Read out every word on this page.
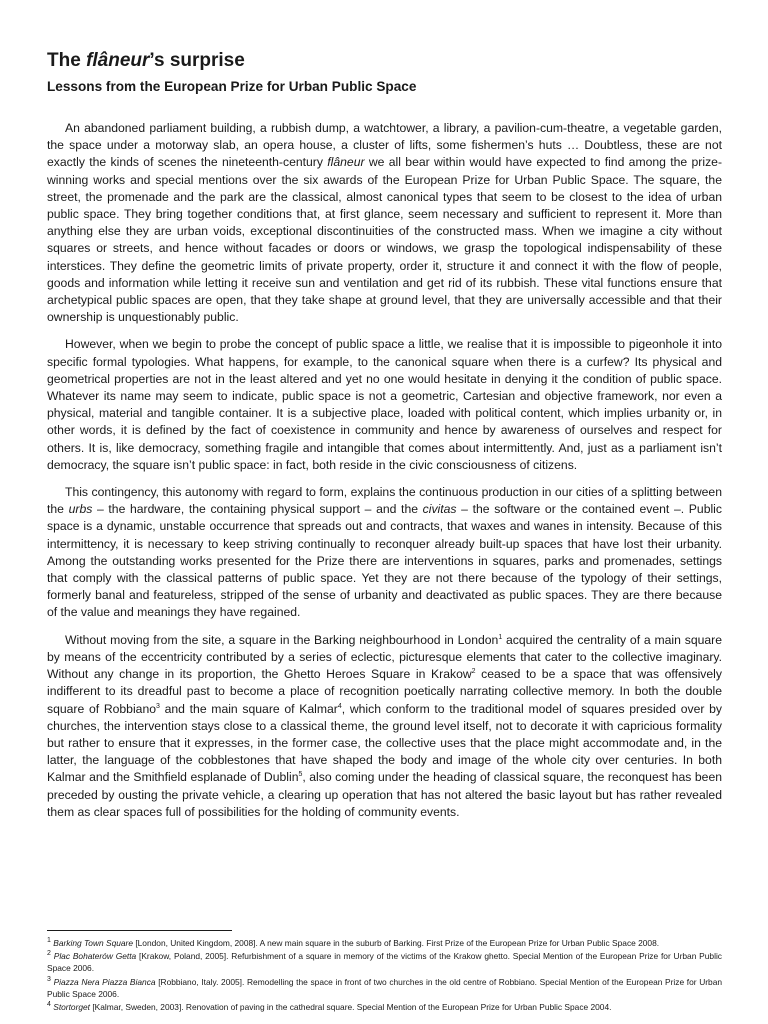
The flâneur’s surprise
Lessons from the European Prize for Urban Public Space

An abandoned parliament building, a rubbish dump, a watchtower, a library, a pavilion-cum-theatre, a vegetable garden, the space under a motorway slab, an opera house, a cluster of lifts, some fishermen’s huts … Doubtless, these are not exactly the kinds of scenes the nineteenth-century flâneur we all bear within would have expected to find among the prize-winning works and special mentions over the six awards of the European Prize for Urban Public Space. The square, the street, the promenade and the park are the classical, almost canonical types that seem to be closest to the idea of urban public space. They bring together conditions that, at first glance, seem necessary and sufficient to represent it. More than anything else they are urban voids, exceptional discontinuities of the constructed mass. When we imagine a city without squares or streets, and hence without facades or doors or windows, we grasp the topological indispensability of these interstices. They define the geometric limits of private property, order it, structure it and connect it with the flow of people, goods and information while letting it receive sun and ventilation and get rid of its rubbish. These vital functions ensure that archetypical public spaces are open, that they take shape at ground level, that they are universally accessible and that their ownership is unquestionably public.

However, when we begin to probe the concept of public space a little, we realise that it is impossible to pigeonhole it into specific formal typologies. What happens, for example, to the canonical square when there is a curfew? Its physical and geometrical properties are not in the least altered and yet no one would hesitate in denying it the condition of public space. Whatever its name may seem to indicate, public space is not a geometric, Cartesian and objective framework, nor even a physical, material and tangible container. It is a subjective place, loaded with political content, which implies urbanity or, in other words, it is defined by the fact of coexistence in community and hence by awareness of ourselves and respect for others. It is, like democracy, something fragile and intangible that comes about intermittently. And, just as a parliament isn’t democracy, the square isn’t public space: in fact, both reside in the civic consciousness of citizens.

This contingency, this autonomy with regard to form, explains the continuous production in our cities of a splitting between the urbs – the hardware, the containing physical support – and the civitas – the software or the contained event –. Public space is a dynamic, unstable occurrence that spreads out and contracts, that waxes and wanes in intensity. Because of this intermittency, it is necessary to keep striving continually to reconquer already built-up spaces that have lost their urbanity. Among the outstanding works presented for the Prize there are interventions in squares, parks and promenades, settings that comply with the classical patterns of public space. Yet they are not there because of the typology of their settings, formerly banal and featureless, stripped of the sense of urbanity and deactivated as public spaces. They are there because of the value and meanings they have regained.

Without moving from the site, a square in the Barking neighbourhood in London$^1$ acquired the centrality of a main square by means of the eccentricity contributed by a series of eclectic, picturesque elements that cater to the collective imaginary. Without any change in its proportion, the Ghetto Heroes Square in Krakow$^2$ ceased to be a space that was offensively indifferent to its dreadful past to become a place of recognition poetically narrating collective memory. In both the double square of Robbiano$^3$ and the main square of Kalmar$^4$, which conform to the traditional model of squares presided over by churches, the intervention stays close to a classical theme, the ground level itself, not to decorate it with capricious formality but rather to ensure that it expresses, in the former case, the collective uses that the place might accommodate and, in the latter, the language of the cobblestones that have shaped the body and image of the whole city over centuries. In both Kalmar and the Smithfield esplanade of Dublin$^5$, also coming under the heading of classical square, the reconquest has been preceded by ousting the private vehicle, a clearing up operation that has not altered the basic layout but has rather revealed them as clear spaces full of possibilities for the holding of community events.

$^1$ Barking Town Square [London, United Kingdom, 2008]. A new main square in the suburb of Barking. First Prize of the European Prize for Urban Public Space 2008.

$^2$ Plac Bohaterów Getta [Krakow, Poland, 2005]. Refurbishment of a square in memory of the victims of the Krakow ghetto. Special Mention of the European Prize for Urban Public Space 2006.

$^3$ Piazza Nera Piazza Bianca [Robbiano, Italy. 2005]. Remodelling the space in front of two churches in the old centre of Robbiano. Special Mention of the European Prize for Urban Public Space 2006.

$^4$ Stortorget [Kalmar, Sweden, 2003]. Renovation of paving in the cathedral square. Special Mention of the European Prize for Urban Public Space 2004.
